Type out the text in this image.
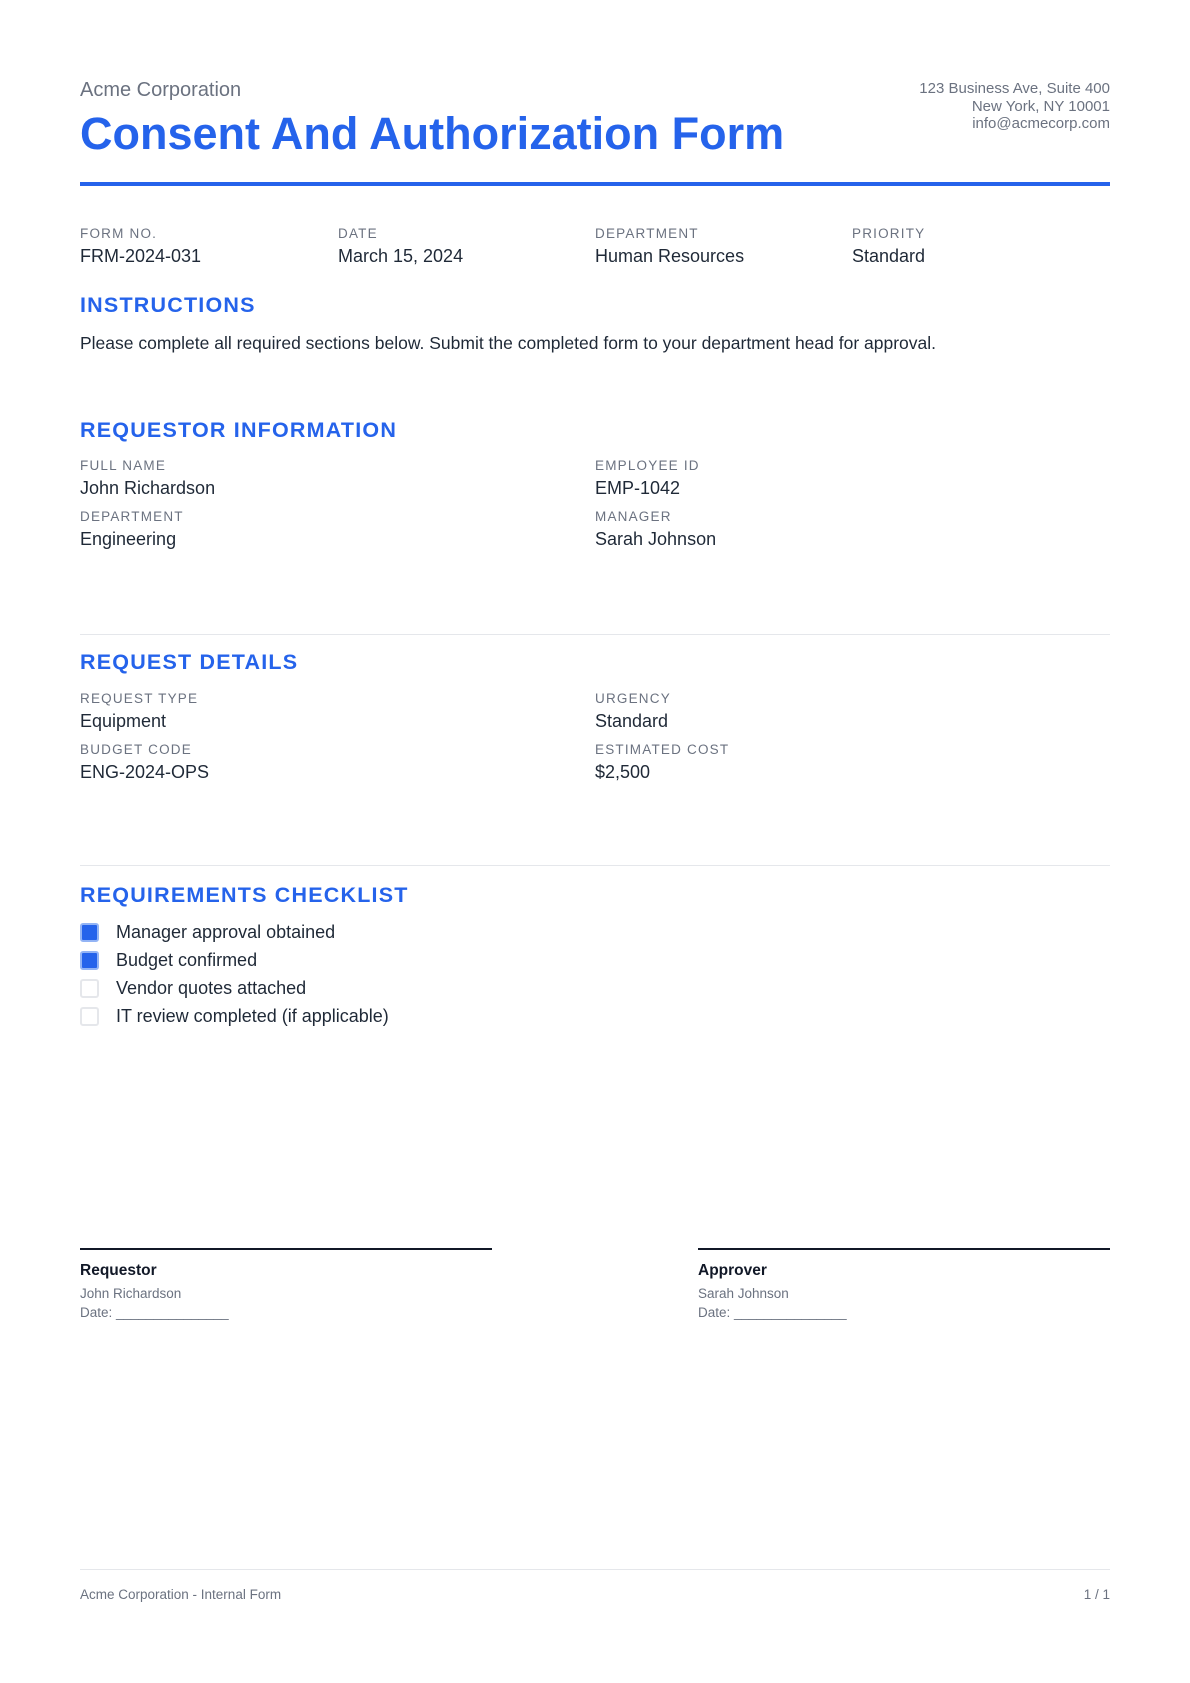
Acme Corporation
Consent And Authorization Form
123 Business Ave, Suite 400
New York, NY 10001
info@acmecorp.com
FORM NO.
FRM-2024-031
DATE
March 15, 2024
DEPARTMENT
Human Resources
PRIORITY
Standard
INSTRUCTIONS
Please complete all required sections below. Submit the completed form to your department head for approval.
REQUESTOR INFORMATION
FULL NAME
John Richardson
EMPLOYEE ID
EMP-1042
DEPARTMENT
Engineering
MANAGER
Sarah Johnson
REQUEST DETAILS
REQUEST TYPE
Equipment
URGENCY
Standard
BUDGET CODE
ENG-2024-OPS
ESTIMATED COST
$2,500
REQUIREMENTS CHECKLIST
Manager approval obtained
Budget confirmed
Vendor quotes attached
IT review completed (if applicable)
Requestor
John Richardson
Date: _______________
Approver
Sarah Johnson
Date: _______________
Acme Corporation - Internal Form	1 / 1
